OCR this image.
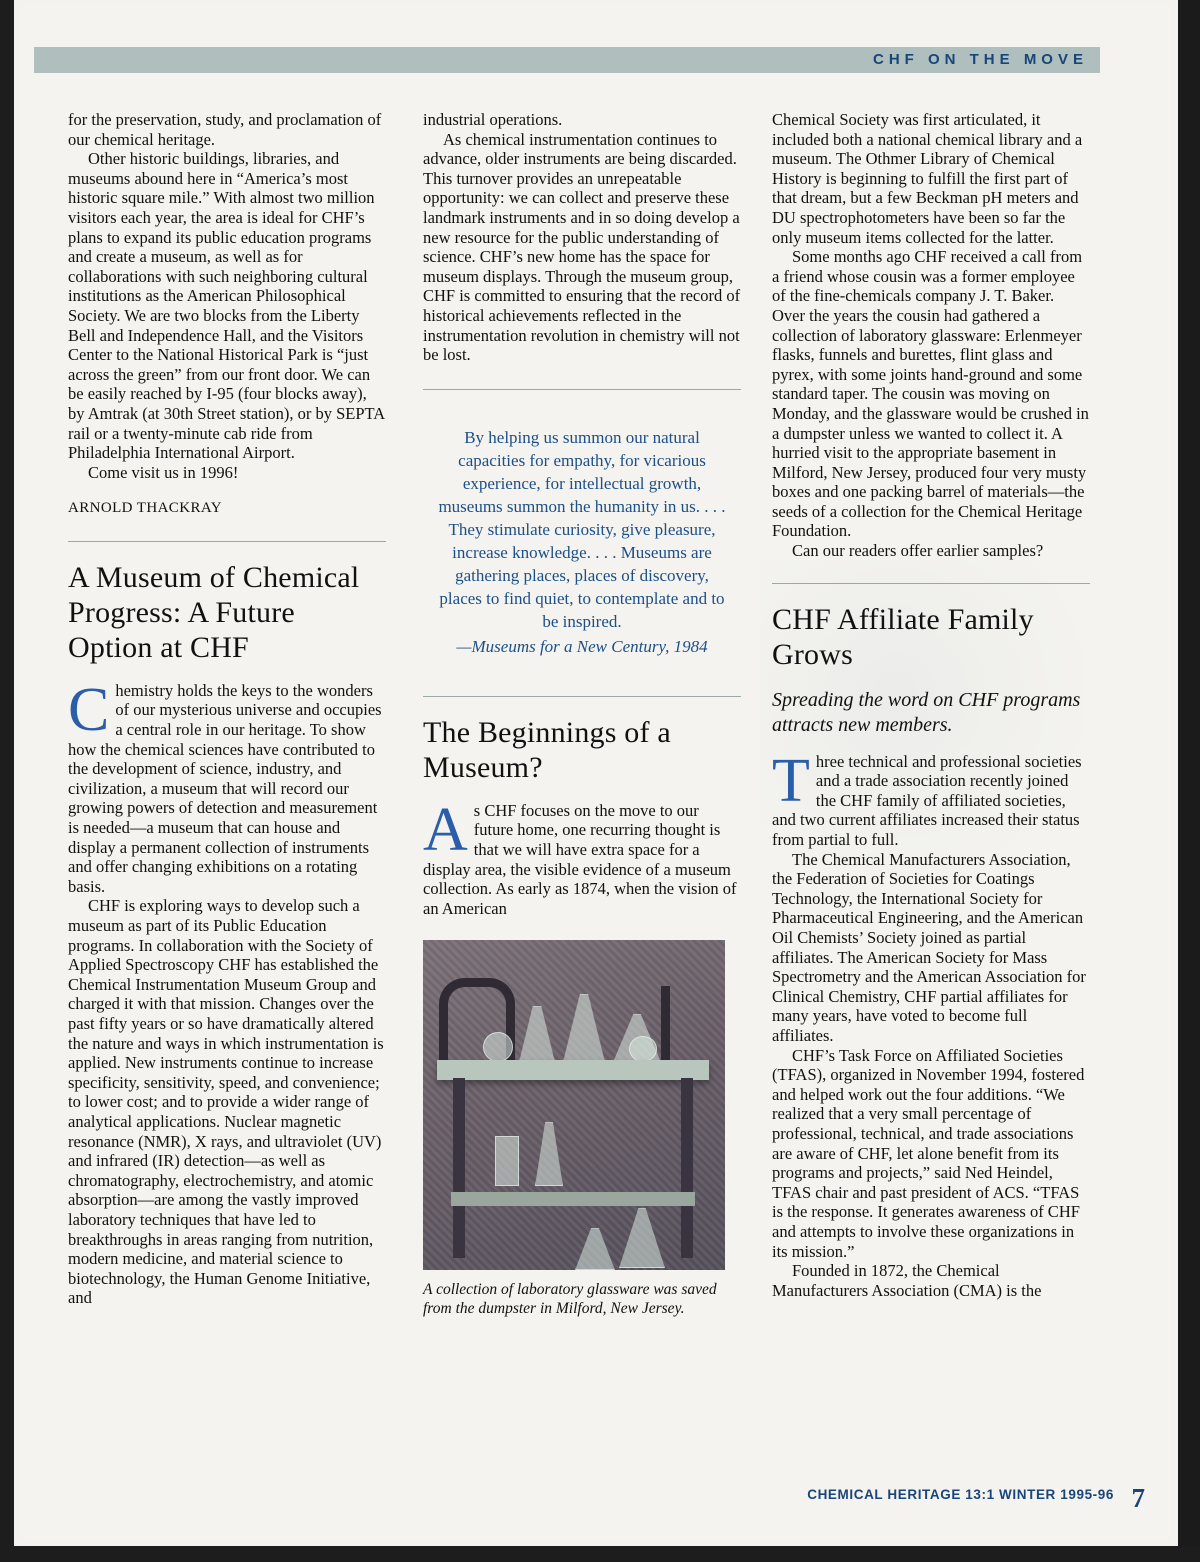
CHF ON THE MOVE

for the preservation, study, and proclamation of our chemical heritage.

Other historic buildings, libraries, and museums abound here in “America’s most historic square mile.” With almost two million visitors each year, the area is ideal for CHF’s plans to expand its public education programs and create a museum, as well as for collaborations with such neighboring cultural institutions as the American Philosophical Society. We are two blocks from the Liberty Bell and Independence Hall, and the Visitors Center to the National Historical Park is “just across the green” from our front door. We can be easily reached by I-95 (four blocks away), by Amtrak (at 30th Street station), or by SEPTA rail or a twenty-minute cab ride from Philadelphia International Airport.

Come visit us in 1996!

ARNOLD THACKRAY

A Museum of Chemical Progress: A Future Option at CHF

Chemistry holds the keys to the wonders of our mysterious universe and occupies a central role in our heritage. To show how the chemical sciences have contributed to the development of science, industry, and civilization, a museum that will record our growing powers of detection and measurement is needed—a museum that can house and display a permanent collection of instruments and offer changing exhibitions on a rotating basis.

CHF is exploring ways to develop such a museum as part of its Public Education programs. In collaboration with the Society of Applied Spectroscopy CHF has established the Chemical Instrumentation Museum Group and charged it with that mission. Changes over the past fifty years or so have dramatically altered the nature and ways in which instrumentation is applied. New instruments continue to increase specificity, sensitivity, speed, and convenience; to lower cost; and to provide a wider range of analytical applications. Nuclear magnetic resonance (NMR), X rays, and ultraviolet (UV) and infrared (IR) detection—as well as chromatography, electrochemistry, and atomic absorption—are among the vastly improved laboratory techniques that have led to breakthroughs in areas ranging from nutrition, modern medicine, and material science to biotechnology, the Human Genome Initiative, and

industrial operations.

As chemical instrumentation continues to advance, older instruments are being discarded. This turnover provides an unrepeatable opportunity: we can collect and preserve these landmark instruments and in so doing develop a new resource for the public understanding of science. CHF’s new home has the space for museum displays. Through the museum group, CHF is committed to ensuring that the record of historical achievements reflected in the instrumentation revolution in chemistry will not be lost.

By helping us summon our natural capacities for empathy, for vicarious experience, for intellectual growth, museums summon the humanity in us. . . . They stimulate curiosity, give pleasure, increase knowledge. . . . Museums are gathering places, places of discovery, places to find quiet, to contemplate and to be inspired.
—Museums for a New Century, 1984
The Beginnings of a Museum?

As CHF focuses on the move to our future home, one recurring thought is that we will have extra space for a display area, the visible evidence of a museum collection. As early as 1874, when the vision of an American

A collection of laboratory glassware was saved from the dumpster in Milford, New Jersey.

Chemical Society was first articulated, it included both a national chemical library and a museum. The Othmer Library of Chemical History is beginning to fulfill the first part of that dream, but a few Beckman pH meters and DU spectrophotometers have been so far the only museum items collected for the latter.

Some months ago CHF received a call from a friend whose cousin was a former employee of the fine-chemicals company J. T. Baker. Over the years the cousin had gathered a collection of laboratory glassware: Erlenmeyer flasks, funnels and burettes, flint glass and pyrex, with some joints hand-ground and some standard taper. The cousin was moving on Monday, and the glassware would be crushed in a dumpster unless we wanted to collect it. A hurried visit to the appropriate basement in Milford, New Jersey, produced four very musty boxes and one packing barrel of materials—the seeds of a collection for the Chemical Heritage Foundation.

Can our readers offer earlier samples?

CHF Affiliate Family Grows
Spreading the word on CHF programs attracts new members.

Three technical and professional societies and a trade association recently joined the CHF family of affiliated societies, and two current affiliates increased their status from partial to full.

The Chemical Manufacturers Association, the Federation of Societies for Coatings Technology, the International Society for Pharmaceutical Engineering, and the American Oil Chemists’ Society joined as partial affiliates. The American Society for Mass Spectrometry and the American Association for Clinical Chemistry, CHF partial affiliates for many years, have voted to become full affiliates.

CHF’s Task Force on Affiliated Societies (TFAS), organized in November 1994, fostered and helped work out the four additions. “We realized that a very small percentage of professional, technical, and trade associations are aware of CHF, let alone benefit from its programs and projects,” said Ned Heindel, TFAS chair and past president of ACS. “TFAS is the response. It generates awareness of CHF and attempts to involve these organizations in its mission.”

Founded in 1872, the Chemical Manufacturers Association (CMA) is the

CHEMICAL HERITAGE 13:1 WINTER 1995-96 7
